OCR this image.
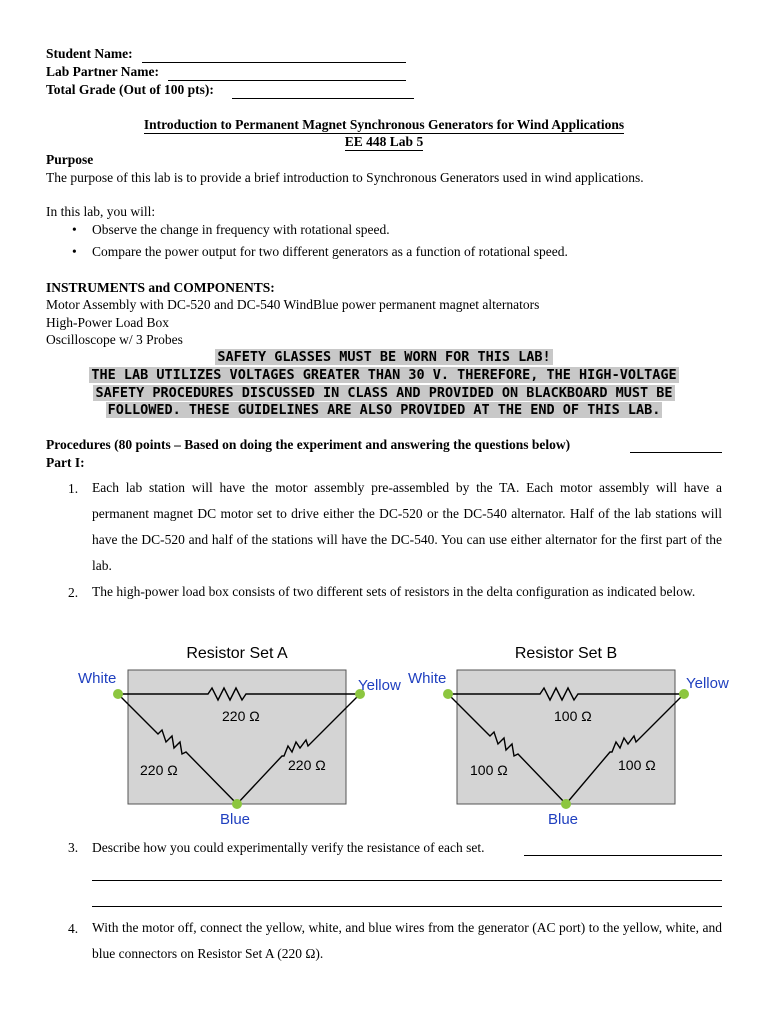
Student Name:
Lab Partner Name:
Total Grade (Out of 100 pts):
Introduction to Permanent Magnet Synchronous Generators for Wind Applications
EE 448 Lab 5
Purpose
The purpose of this lab is to provide a brief introduction to Synchronous Generators used in wind applications.
In this lab, you will:
• Observe the change in frequency with rotational speed.
• Compare the power output for two different generators as a function of rotational speed.
INSTRUMENTS and COMPONENTS:
Motor Assembly with DC-520 and DC-540 WindBlue power permanent magnet alternators
High-Power Load Box
Oscilloscope w/ 3 Probes
SAFETY GLASSES MUST BE WORN FOR THIS LAB!
THE LAB UTILIZES VOLTAGES GREATER THAN 30 V. THEREFORE, THE HIGH-VOLTAGE
SAFETY PROCEDURES DISCUSSED IN CLASS AND PROVIDED ON BLACKBOARD MUST BE
FOLLOWED. THESE GUIDELINES ARE ALSO PROVIDED AT THE END OF THIS LAB.
Procedures (80 points – Based on doing the experiment and answering the questions below)
Part I:
1. Each lab station will have the motor assembly pre-assembled by the TA. Each motor assembly will have a permanent magnet DC motor set to drive either the DC-520 or the DC-540 alternator. Half of the lab stations will have the DC-520 and half of the stations will have the DC-540. You can use either alternator for the first part of the lab.
2. The high-power load box consists of two different sets of resistors in the delta configuration as indicated below.
Resistor Set A
White	Yellow
Blue
220 Ω
220 Ω	220 Ω
Resistor Set B
White	Yellow
Blue
100 Ω
100 Ω	100 Ω
3. Describe how you could experimentally verify the resistance of each set.
4. With the motor off, connect the yellow, white, and blue wires from the generator (AC port) to the yellow, white, and blue connectors on Resistor Set A (220 Ω).
